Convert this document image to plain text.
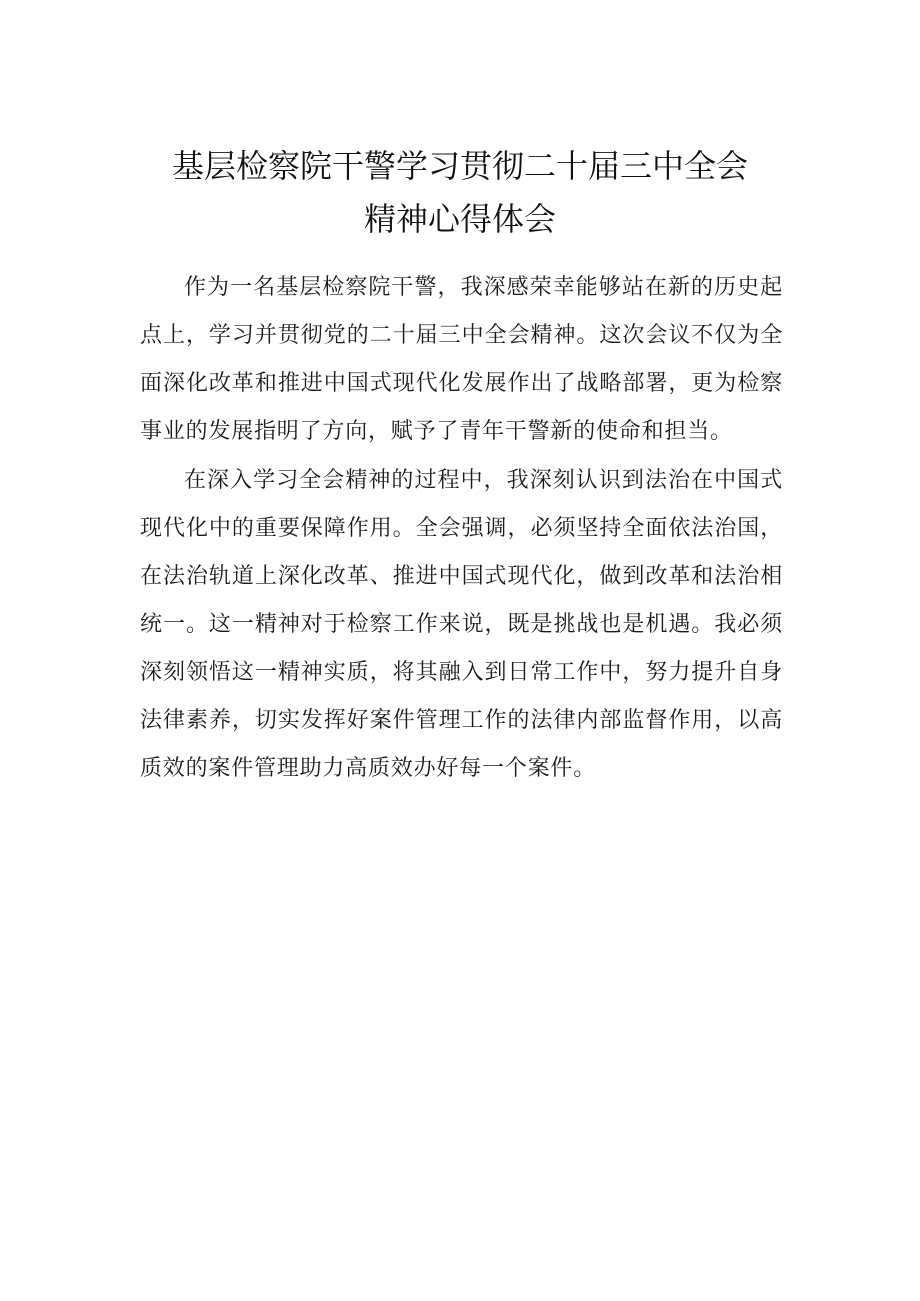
基层检察院干警学习贯彻二十届三中全会
精神心得体会

作为一名基层检察院干警，我深感荣幸能够站在新的历史起点上，学习并贯彻党的二十届三中全会精神。这次会议不仅为全面深化改革和推进中国式现代化发展作出了战略部署，更为检察事业的发展指明了方向，赋予了青年干警新的使命和担当。

在深入学习全会精神的过程中，我深刻认识到法治在中国式现代化中的重要保障作用。全会强调，必须坚持全面依法治国，在法治轨道上深化改革、推进中国式现代化，做到改革和法治相统一。这一精神对于检察工作来说，既是挑战也是机遇。我必须深刻领悟这一精神实质，将其融入到日常工作中，努力提升自身法律素养，切实发挥好案件管理工作的法律内部监督作用，以高质效的案件管理助力高质效办好每一个案件。
